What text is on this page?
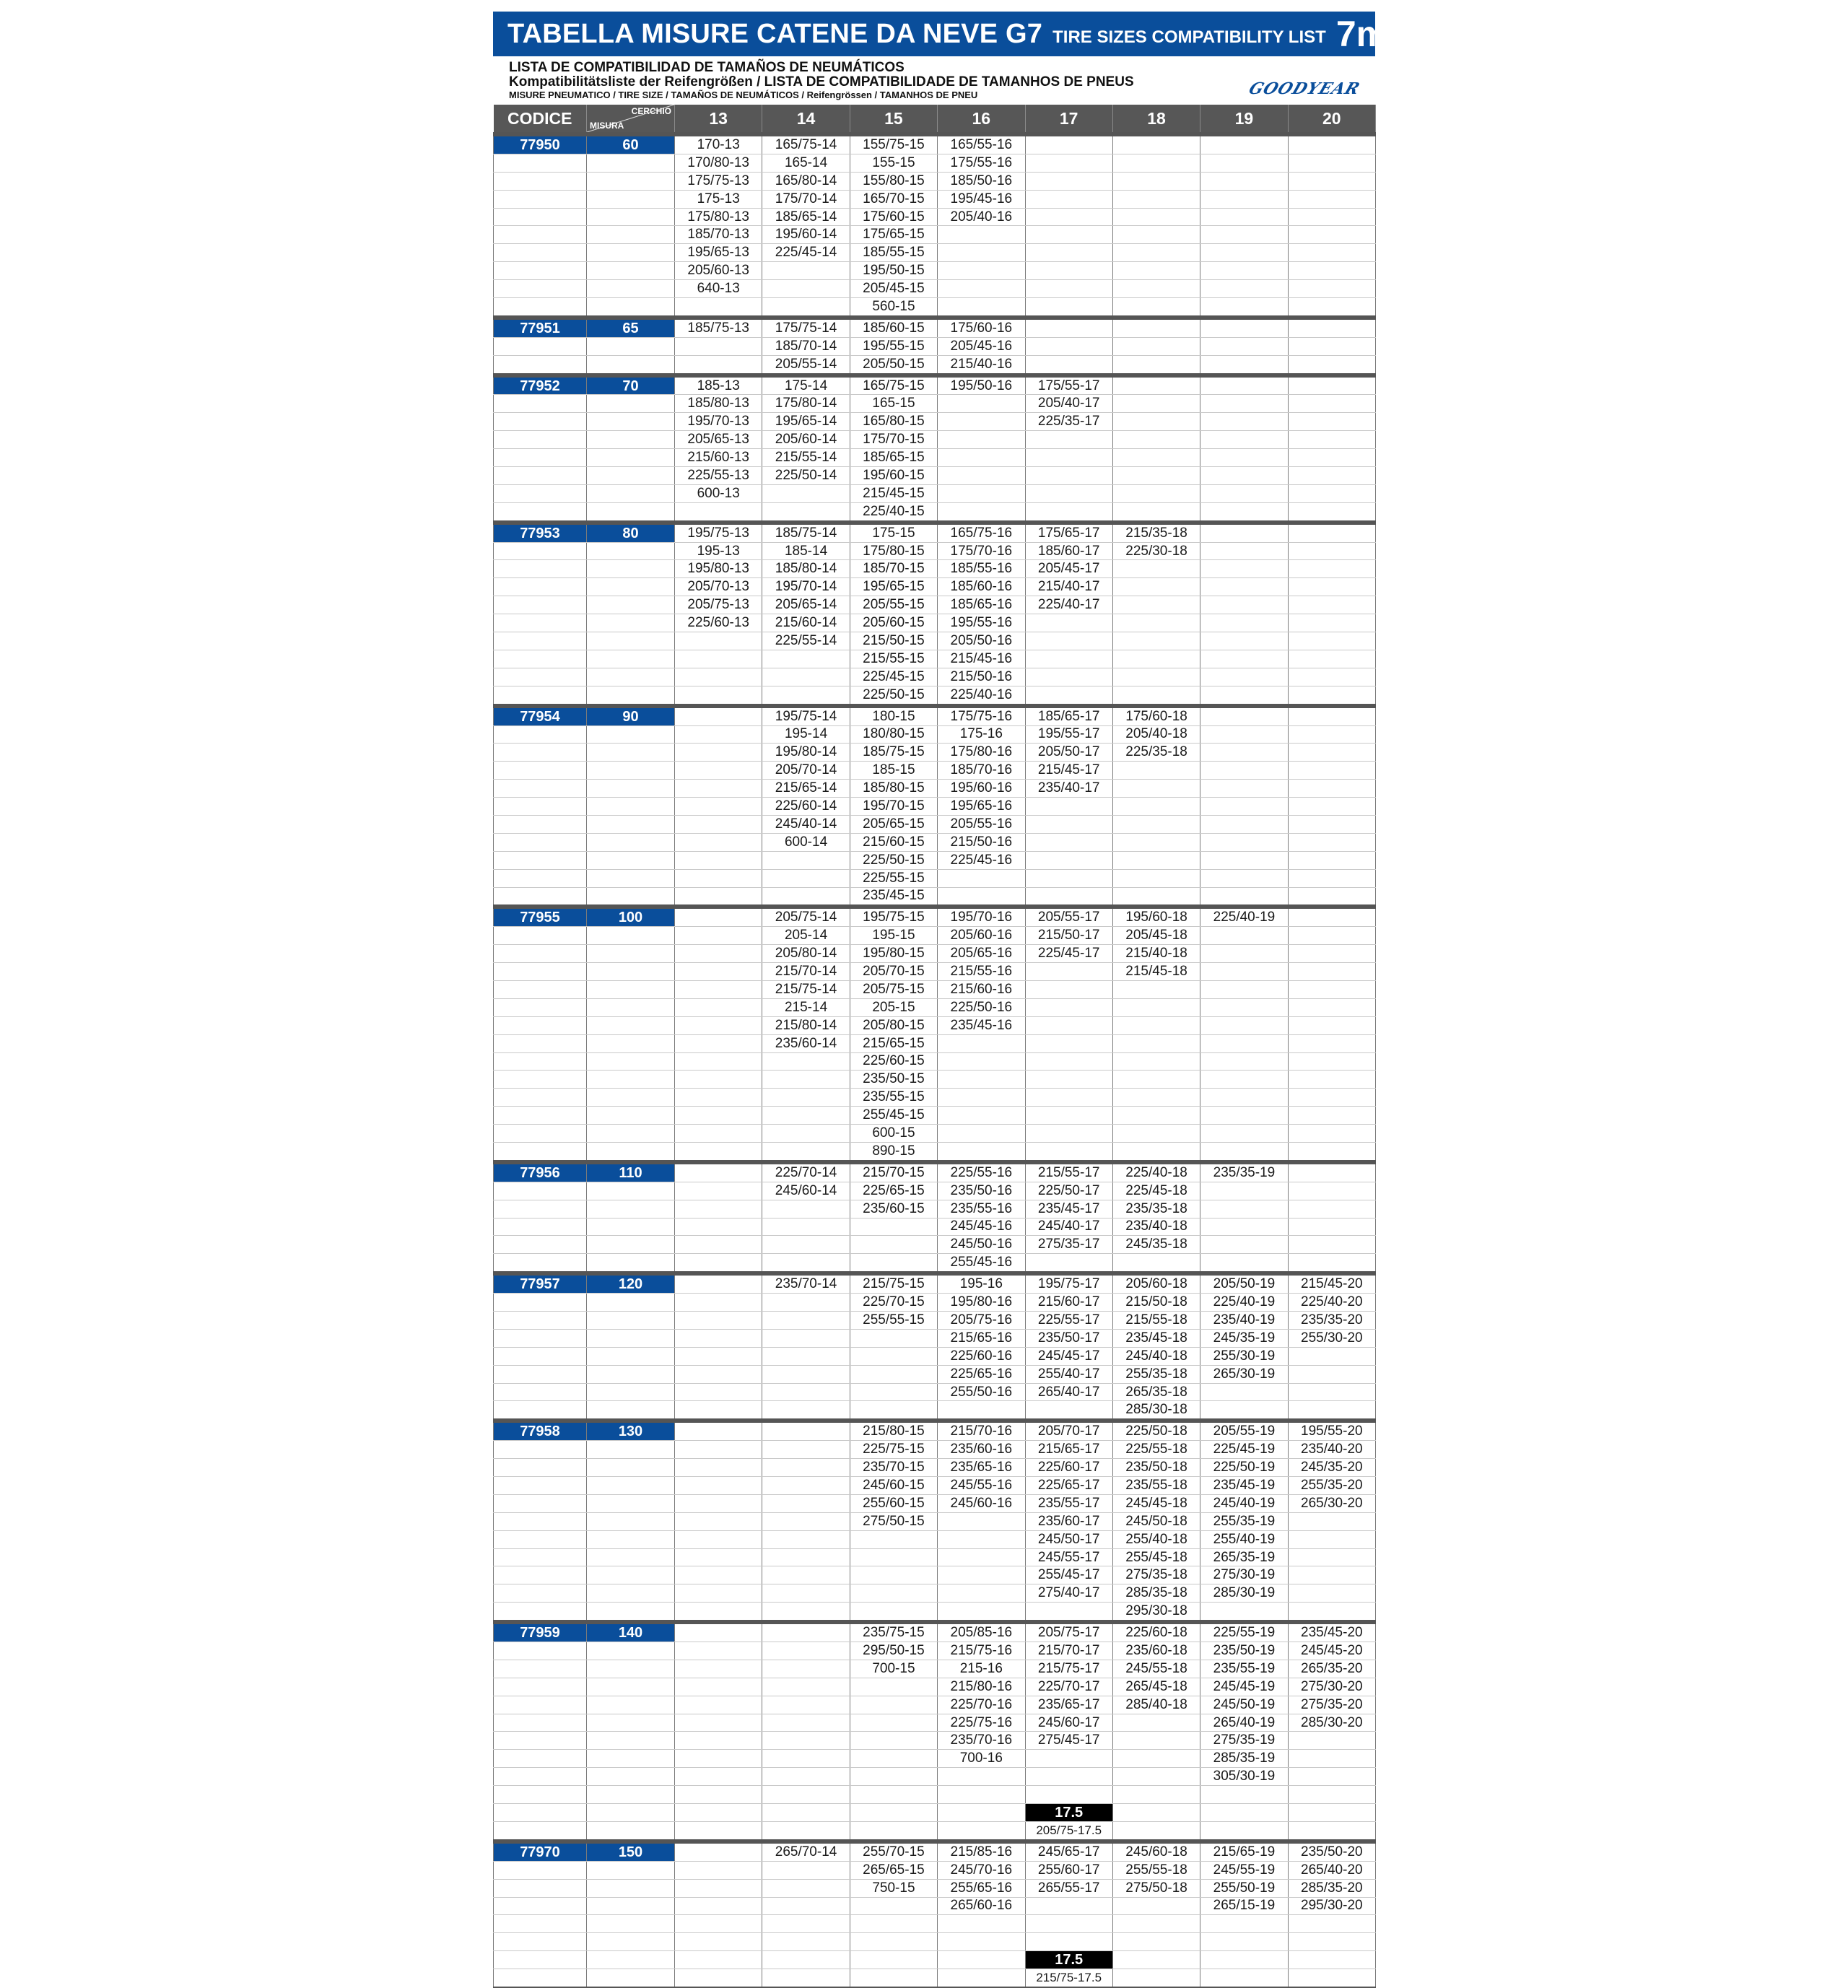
TABELLA MISURE CATENE DA NEVE G7 TIRE SIZES COMPATIBILITY LIST 7mm
LISTA DE COMPATIBILIDAD DE TAMAÑOS DE NEUMÁTICOS
Kompatibilitätsliste der Reifengrößen / LISTA DE COMPATIBILIDADE DE TAMANHOS DE PNEUS
MISURE PNEUMATICO / TIRE SIZE / TAMAÑOS DE NEUMÁTICOS / Reifengrössen / TAMANHOS DE PNEU	GOODYEAR
CODICE	CERCHIO
MISURA	13	14	15	16	17	18	19	20
77950	60	170-13	165/75-14	155/75-15	165/55-16				
		170/80-13	165-14	155-15	175/55-16				
		175/75-13	165/80-14	155/80-15	185/50-16				
		175-13	175/70-14	165/70-15	195/45-16				
		175/80-13	185/65-14	175/60-15	205/40-16				
		185/70-13	195/60-14	175/65-15					
		195/65-13	225/45-14	185/55-15					
		205/60-13		195/50-15					
		640-13		205/45-15					
				560-15					
77951	65	185/75-13	175/75-14	185/60-15	175/60-16				
			185/70-14	195/55-15	205/45-16				
			205/55-14	205/50-15	215/40-16				
77952	70	185-13	175-14	165/75-15	195/50-16	175/55-17			
		185/80-13	175/80-14	165-15		205/40-17			
		195/70-13	195/65-14	165/80-15		225/35-17			
		205/65-13	205/60-14	175/70-15					
		215/60-13	215/55-14	185/65-15					
		225/55-13	225/50-14	195/60-15					
		600-13		215/45-15					
				225/40-15					
77953	80	195/75-13	185/75-14	175-15	165/75-16	175/65-17	215/35-18		
		195-13	185-14	175/80-15	175/70-16	185/60-17	225/30-18		
		195/80-13	185/80-14	185/70-15	185/55-16	205/45-17			
		205/70-13	195/70-14	195/65-15	185/60-16	215/40-17			
		205/75-13	205/65-14	205/55-15	185/65-16	225/40-17			
		225/60-13	215/60-14	205/60-15	195/55-16				
			225/55-14	215/50-15	205/50-16				
				215/55-15	215/45-16				
				225/45-15	215/50-16				
				225/50-15	225/40-16				
77954	90		195/75-14	180-15	175/75-16	185/65-17	175/60-18		
			195-14	180/80-15	175-16	195/55-17	205/40-18		
			195/80-14	185/75-15	175/80-16	205/50-17	225/35-18		
			205/70-14	185-15	185/70-16	215/45-17			
			215/65-14	185/80-15	195/60-16	235/40-17			
			225/60-14	195/70-15	195/65-16				
			245/40-14	205/65-15	205/55-16				
			600-14	215/60-15	215/50-16				
				225/50-15	225/45-16				
				225/55-15					
				235/45-15					
77955	100		205/75-14	195/75-15	195/70-16	205/55-17	195/60-18	225/40-19	
			205-14	195-15	205/60-16	215/50-17	205/45-18		
			205/80-14	195/80-15	205/65-16	225/45-17	215/40-18		
			215/70-14	205/70-15	215/55-16		215/45-18		
			215/75-14	205/75-15	215/60-16				
			215-14	205-15	225/50-16				
			215/80-14	205/80-15	235/45-16				
			235/60-14	215/65-15					
				225/60-15					
				235/50-15					
				235/55-15					
				255/45-15					
				600-15					
				890-15					
77956	110		225/70-14	215/70-15	225/55-16	215/55-17	225/40-18	235/35-19	
			245/60-14	225/65-15	235/50-16	225/50-17	225/45-18		
				235/60-15	235/55-16	235/45-17	235/35-18		
					245/45-16	245/40-17	235/40-18		
					245/50-16	275/35-17	245/35-18		
					255/45-16				
77957	120		235/70-14	215/75-15	195-16	195/75-17	205/60-18	205/50-19	215/45-20
				225/70-15	195/80-16	215/60-17	215/50-18	225/40-19	225/40-20
				255/55-15	205/75-16	225/55-17	215/55-18	235/40-19	235/35-20
					215/65-16	235/50-17	235/45-18	245/35-19	255/30-20
					225/60-16	245/45-17	245/40-18	255/30-19	
					225/65-16	255/40-17	255/35-18	265/30-19	
					255/50-16	265/40-17	265/35-18		
							285/30-18		
77958	130			215/80-15	215/70-16	205/70-17	225/50-18	205/55-19	195/55-20
				225/75-15	235/60-16	215/65-17	225/55-18	225/45-19	235/40-20
				235/70-15	235/65-16	225/60-17	235/50-18	225/50-19	245/35-20
				245/60-15	245/55-16	225/65-17	235/55-18	235/45-19	255/35-20
				255/60-15	245/60-16	235/55-17	245/45-18	245/40-19	265/30-20
				275/50-15		235/60-17	245/50-18	255/35-19	
						245/50-17	255/40-18	255/40-19	
						245/55-17	255/45-18	265/35-19	
						255/45-17	275/35-18	275/30-19	
						275/40-17	285/35-18	285/30-19	
							295/30-18		
77959	140			235/75-15	205/85-16	205/75-17	225/60-18	225/55-19	235/45-20
				295/50-15	215/75-16	215/70-17	235/60-18	235/50-19	245/45-20
				700-15	215-16	215/75-17	245/55-18	235/55-19	265/35-20
					215/80-16	225/70-17	265/45-18	245/45-19	275/30-20
					225/70-16	235/65-17	285/40-18	245/50-19	275/35-20
					225/75-16	245/60-17		265/40-19	285/30-20
					235/70-16	275/45-17		275/35-19	
					700-16			285/35-19	
								305/30-19	

						17.5			
						205/75-17.5			
77970	150		265/70-14	255/70-15	215/85-16	245/65-17	245/60-18	215/65-19	235/50-20
				265/65-15	245/70-16	255/60-17	255/55-18	245/55-19	265/40-20
				750-15	255/65-16	265/55-17	275/50-18	255/50-19	285/35-20
					265/60-16			265/15-19	295/30-20

						17.5			
						215/75-17.5			
